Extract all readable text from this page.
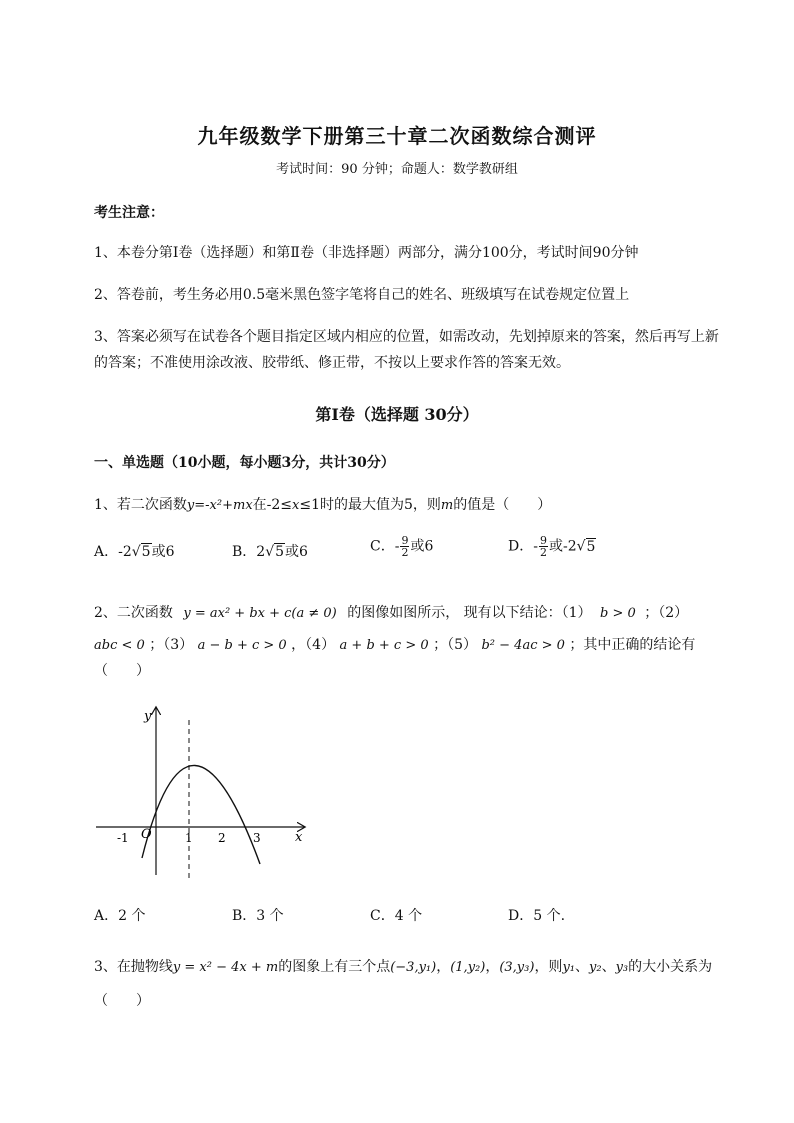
九年级数学下册第三十章二次函数综合测评
考试时间：90 分钟；命题人：数学教研组
考生注意：
1、本卷分第Ⅰ卷（选择题）和第Ⅱ卷（非选择题）两部分，满分100分，考试时间90分钟
2、答卷前，考生务必用0.5毫米黑色签字笔将自己的姓名、班级填写在试卷规定位置上
3、答案必须写在试卷各个题目指定区域内相应的位置，如需改动，先划掉原来的答案，然后再写上新
的答案；不准使用涂改液、胶带纸、修正带，不按以上要求作答的答案无效。
第Ⅰ卷（选择题 30分）
一、单选题（10小题，每小题3分，共计30分）
1、若二次函数y=-x²+mx在-2≤x≤1时的最大值为5，则m的值是（　　）
A．-2√5或6	B．2√5或6	C．- $\frac{9}{2}$ 或6	D．- $\frac{9}{2}$ 或-2√5
2、二次函数 y = ax² + bx + c(a ≠ 0) 的图像如图所示， 现有以下结论：（1） b > 0 ；（2）
abc < 0 ；（3） a − b + c > 0 ，（4） a + b + c > 0 ；（5） b² − 4ac > 0 ；其中正确的结论有
（　　）
y
x
O
-1	1 2 3
A．2 个	B．3 个	C．4 个	D．5 个.
3、在抛物线y = x² − 4x + m的图象上有三个点(−3,y₁)，(1,y₂)，(3,y₃)，则y₁、y₂、y₃的大小关系为
（　　）
